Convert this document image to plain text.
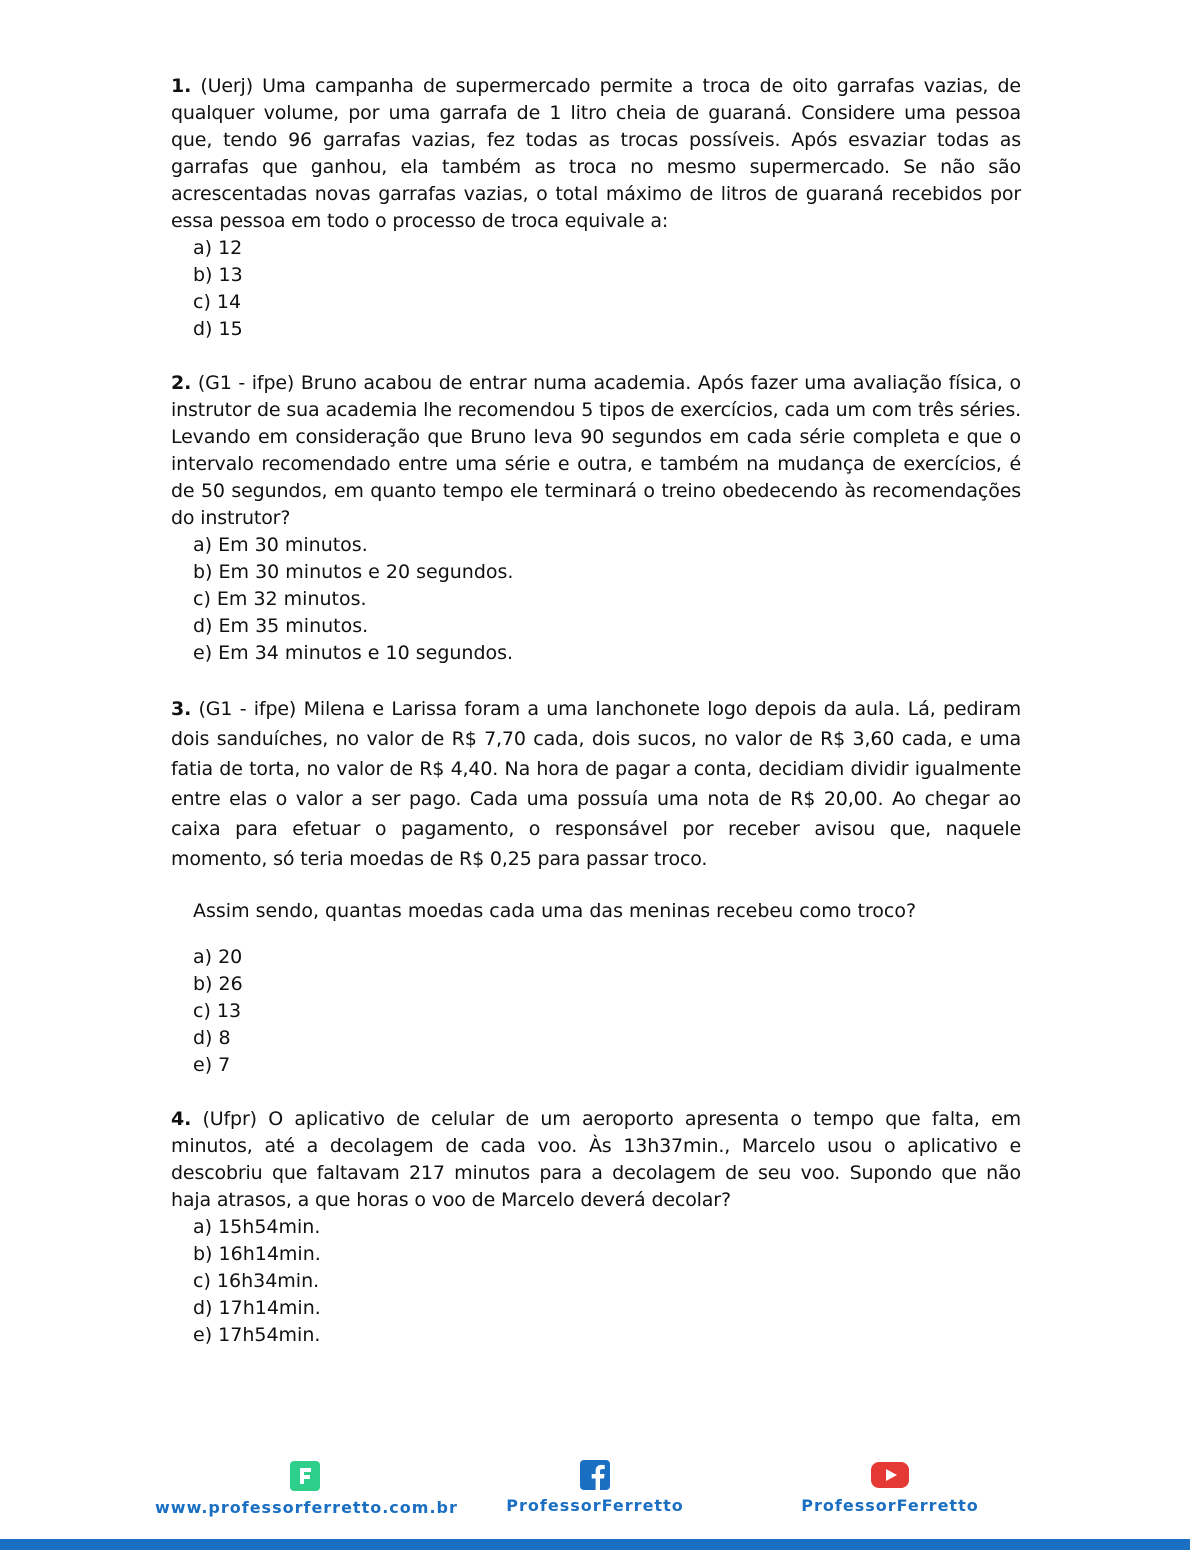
1. (Uerj) Uma campanha de supermercado permite a troca de oito garrafas vazias, de qualquer volume, por uma garrafa de 1 litro cheia de guaraná. Considere uma pessoa que, tendo 96 garrafas vazias, fez todas as trocas possíveis. Após esvaziar todas as garrafas que ganhou, ela também as troca no mesmo supermercado. Se não são acrescentadas novas garrafas vazias, o total máximo de litros de guaraná recebidos por essa pessoa em todo o processo de troca equivale a:

a) 12
b) 13
c) 14
d) 15

2. (G1 - ifpe) Bruno acabou de entrar numa academia. Após fazer uma avaliação física, o instrutor de sua academia lhe recomendou 5 tipos de exercícios, cada um com três séries. Levando em consideração que Bruno leva 90 segundos em cada série completa e que o intervalo recomendado entre uma série e outra, e também na mudança de exercícios, é de 50 segundos, em quanto tempo ele terminará o treino obedecendo às recomendações do instrutor?

a) Em 30 minutos.
b) Em 30 minutos e 20 segundos.
c) Em 32 minutos.
d) Em 35 minutos.
e) Em 34 minutos e 10 segundos.

3. (G1 - ifpe) Milena e Larissa foram a uma lanchonete logo depois da aula. Lá, pediram dois sanduíches, no valor de R$ 7,70 cada, dois sucos, no valor de R$ 3,60 cada, e uma fatia de torta, no valor de R$ 4,40. Na hora de pagar a conta, decidiam dividir igualmente entre elas o valor a ser pago. Cada uma possuía uma nota de R$ 20,00. Ao chegar ao caixa para efetuar o pagamento, o responsável por receber avisou que, naquele momento, só teria moedas de R$ 0,25 para passar troco.

Assim sendo, quantas moedas cada uma das meninas recebeu como troco?

a) 20
b) 26
c) 13
d) 8
e) 7

4. (Ufpr) O aplicativo de celular de um aeroporto apresenta o tempo que falta, em minutos, até a decolagem de cada voo. Às 13h37min., Marcelo usou o aplicativo e descobriu que faltavam 217 minutos para a decolagem de seu voo. Supondo que não haja atrasos, a que horas o voo de Marcelo deverá decolar?

a) 15h54min.
b) 16h14min.
c) 16h34min.
d) 17h14min.
e) 17h54min.
www.professorferretto.com.br	ProfessorFerretto	ProfessorFerretto
